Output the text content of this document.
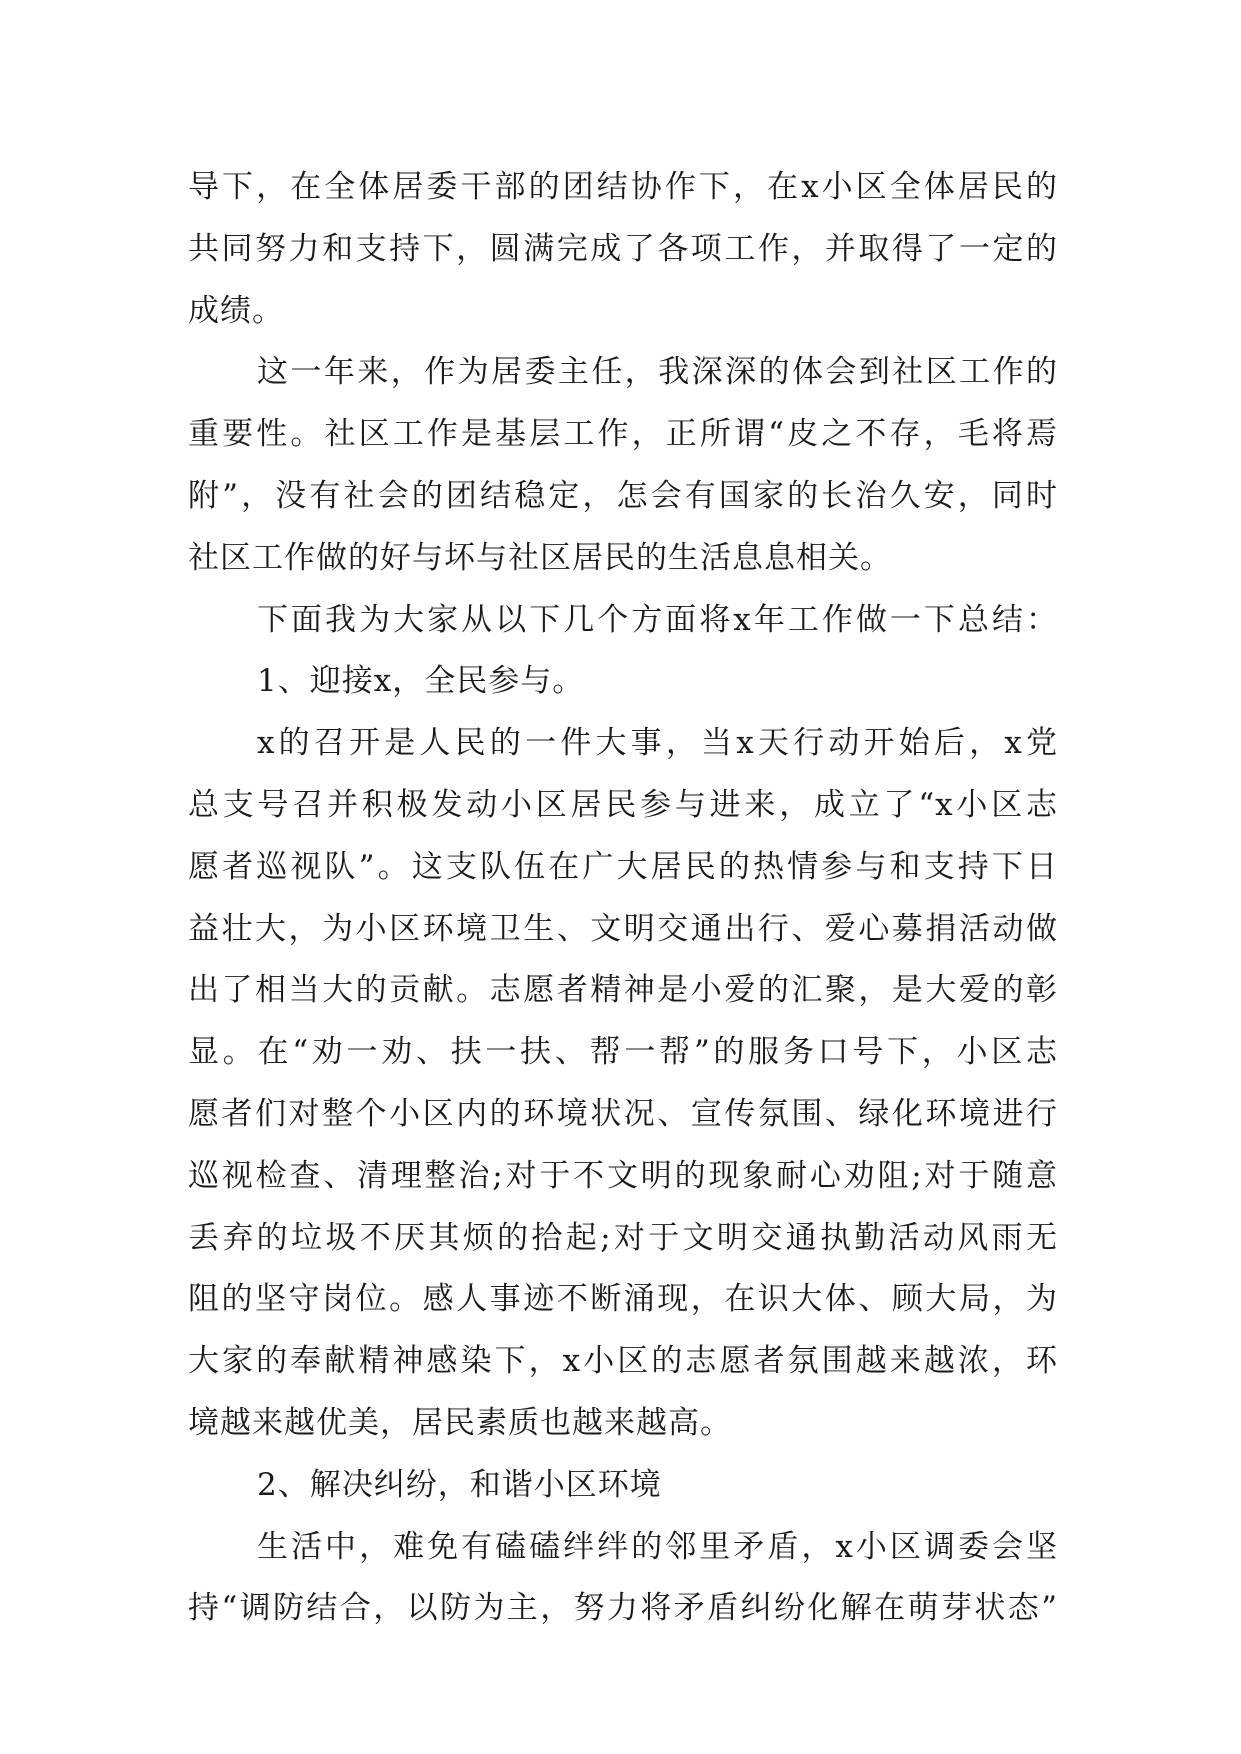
导下，在全体居委干部的团结协作下，在x小区全体居民的
共同努力和支持下，圆满完成了各项工作，并取得了一定的
成绩。
这一年来，作为居委主任，我深深的体会到社区工作的
重要性。社区工作是基层工作，正所谓“皮之不存，毛将焉
附”，没有社会的团结稳定，怎会有国家的长治久安，同时
社区工作做的好与坏与社区居民的生活息息相关。
下面我为大家从以下几个方面将x年工作做一下总结：
1、迎接x，全民参与。
x的召开是人民的一件大事，当x天行动开始后，x党
总支号召并积极发动小区居民参与进来，成立了“x小区志
愿者巡视队”。这支队伍在广大居民的热情参与和支持下日
益壮大，为小区环境卫生、文明交通出行、爱心募捐活动做
出了相当大的贡献。志愿者精神是小爱的汇聚，是大爱的彰
显。在“劝一劝、扶一扶、帮一帮”的服务口号下，小区志
愿者们对整个小区内的环境状况、宣传氛围、绿化环境进行
巡视检查、清理整治;对于不文明的现象耐心劝阻;对于随意
丢弃的垃圾不厌其烦的拾起;对于文明交通执勤活动风雨无
阻的坚守岗位。感人事迹不断涌现，在识大体、顾大局，为
大家的奉献精神感染下，x小区的志愿者氛围越来越浓，环
境越来越优美，居民素质也越来越高。
2、解决纠纷，和谐小区环境
生活中，难免有磕磕绊绊的邻里矛盾，x小区调委会坚
持“调防结合，以防为主，努力将矛盾纠纷化解在萌芽状态”
